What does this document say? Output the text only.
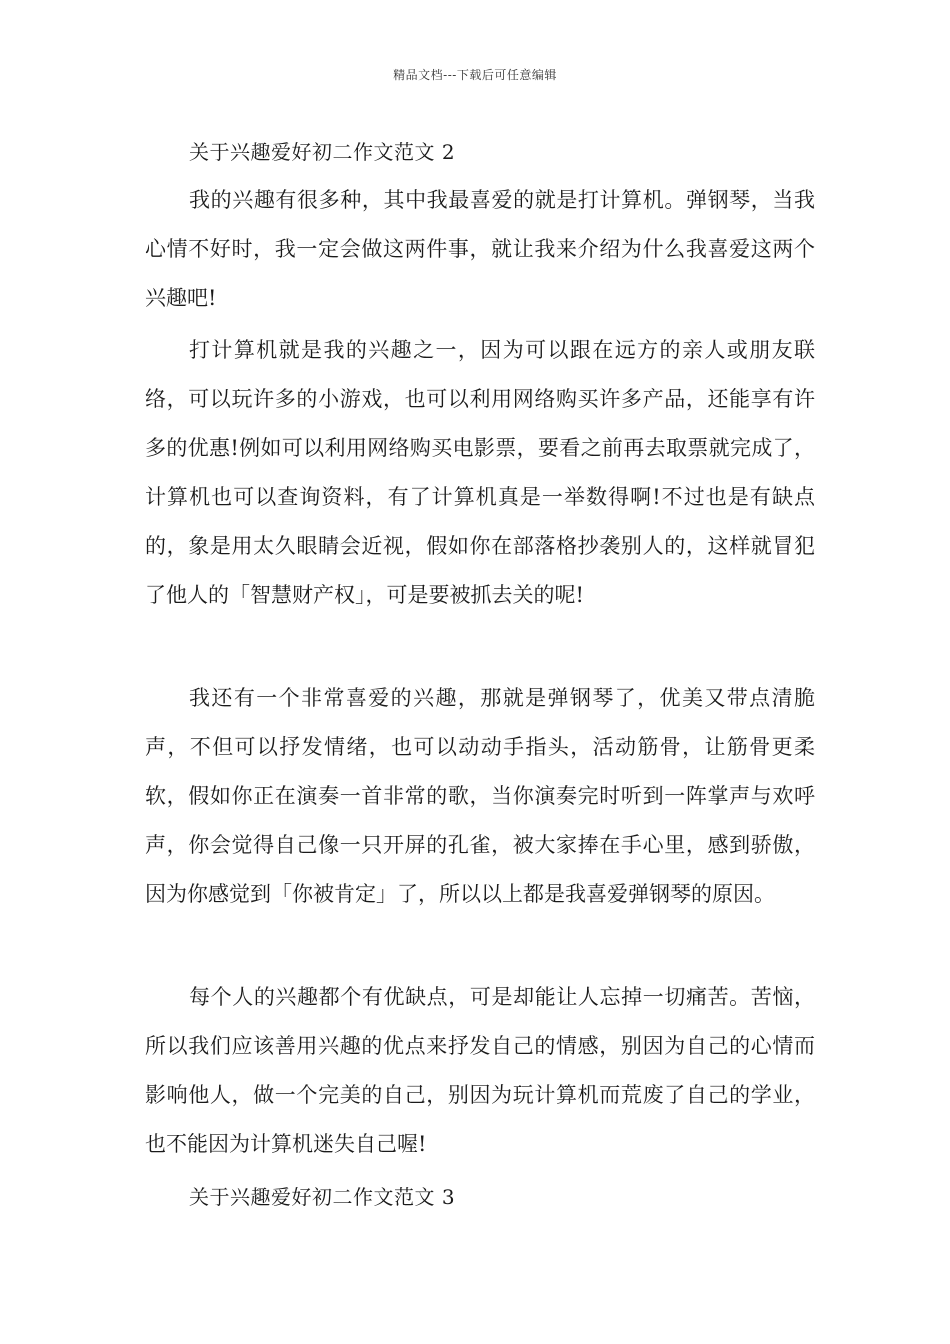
精品文档---下载后可任意编辑
关于兴趣爱好初二作文范文 2
我的兴趣有很多种，其中我最喜爱的就是打计算机。弹钢琴，当我心情不好时，我一定会做这两件事，就让我来介绍为什么我喜爱这两个兴趣吧!
打计算机就是我的兴趣之一，因为可以跟在远方的亲人或朋友联络，可以玩许多的小游戏，也可以利用网络购买许多产品，还能享有许多的优惠!例如可以利用网络购买电影票，要看之前再去取票就完成了，计算机也可以查询资料，有了计算机真是一举数得啊!不过也是有缺点的，象是用太久眼睛会近视，假如你在部落格抄袭别人的，这样就冒犯了他人的「智慧财产权」，可是要被抓去关的呢!
我还有一个非常喜爱的兴趣，那就是弹钢琴了，优美又带点清脆声，不但可以抒发情绪，也可以动动手指头，活动筋骨，让筋骨更柔软，假如你正在演奏一首非常的歌，当你演奏完时听到一阵掌声与欢呼声，你会觉得自己像一只开屏的孔雀，被大家捧在手心里，感到骄傲，因为你感觉到「你被肯定」了，所以以上都是我喜爱弹钢琴的原因。
每个人的兴趣都个有优缺点，可是却能让人忘掉一切痛苦。苦恼，所以我们应该善用兴趣的优点来抒发自己的情感，别因为自己的心情而影响他人，做一个完美的自己，别因为玩计算机而荒废了自己的学业，也不能因为计算机迷失自己喔!
关于兴趣爱好初二作文范文 3
